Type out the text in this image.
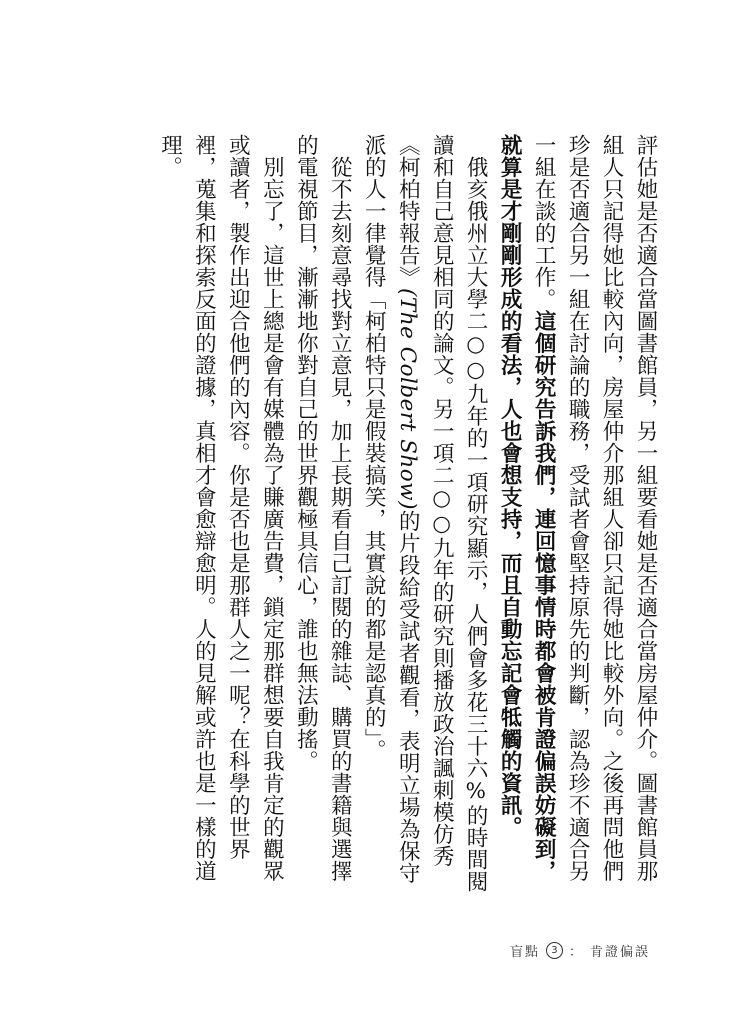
評估她是否適合當圖書館員，另一組要看她是否適合當房屋仲介。圖書館員那組人只記得她比較內向，房屋仲介那組人卻只記得她比較外向。之後再問他們珍是否適合另一組在討論的職務，受試者會堅持原先的判斷，認為珍不適合另一組在談的工作。這個研究告訴我們，連回憶事情時都會被肯證偏誤妨礙到，就算是才剛剛形成的看法，人也會想支持，而且自動忘記會牴觸的資訊。

俄亥俄州立大學二○○九年的一項研究顯示，人們會多花三十六%的時間閱讀和自己意見相同的論文。另一項二○○九年的研究則播放政治諷刺模仿秀《柯柏特報告》(The Colbert Show)的片段給受試者觀看，表明立場為保守派的人一律覺得「柯柏特只是假裝搞笑，其實說的都是認真的」。

從不去刻意尋找對立意見，加上長期看自己訂閱的雜誌、購買的書籍與選擇的電視節目，漸漸地你對自己的世界觀極具信心，誰也無法動搖。

別忘了，這世上總是會有媒體為了賺廣告費，鎖定那群想要自我肯定的觀眾或讀者，製作出迎合他們的內容。你是否也是那群人之一呢？在科學的世界裡，蒐集和探索反面的證據，真相才會愈辯愈明。人的見解或許也是一樣的道理。

盲點	3 ： 肯證偏誤
